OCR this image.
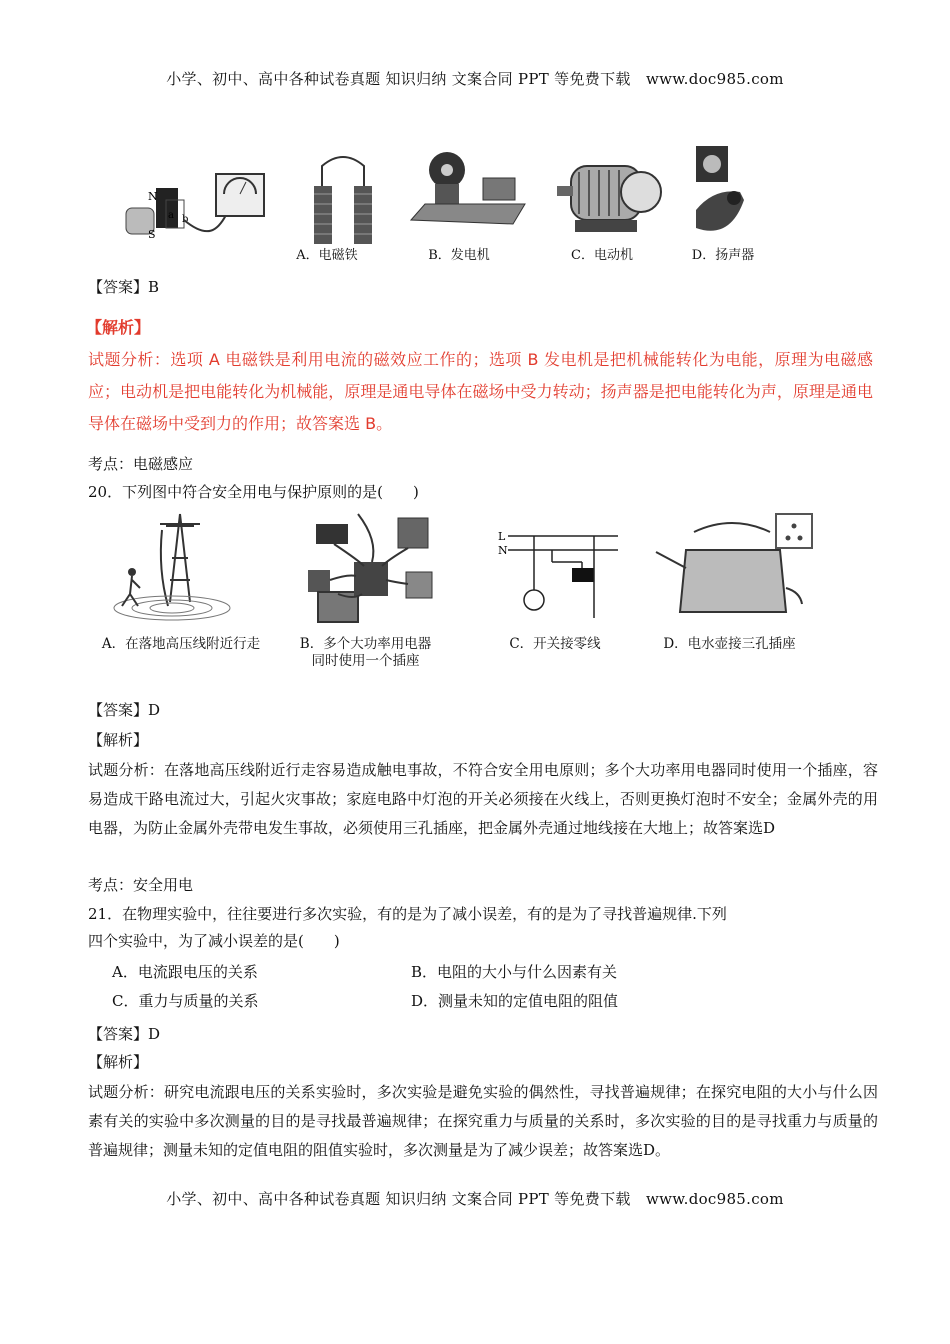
小学、初中、高中各种试卷真题 知识归纳 文案合同 PPT 等免费下载　www.doc985.com
N
S
a b
A．电磁铁	B．发电机	C．电动机	D．扬声器
【答案】B
【解析】
试题分析：选项 A 电磁铁是利用电流的磁效应工作的；选项 B 发电机是把机械能转化为电能，原理为电磁感应；电动机是把电能转化为机械能，原理是通电导体在磁场中受力转动；扬声器是把电能转化为声，原理是通电导体在磁场中受到力的作用；故答案选 B。
考点：电磁感应
20．下列图中符合安全用电与保护原则的是(　　)
L
N
A．在落地高压线附近行走	B．多个大功率用电器
同时使用一个插座
C．开关接零线	D．电水壶接三孔插座
【答案】D
【解析】
试题分析：在落地高压线附近行走容易造成触电事故，不符合安全用电原则；多个大功率用电器同时使用一个插座，容易造成干路电流过大，引起火灾事故；家庭电路中灯泡的开关必须接在火线上，否则更换灯泡时不安全；金属外壳的用电器，为防止金属外壳带电发生事故，必须使用三孔插座，把金属外壳通过地线接在大地上；故答案选D
考点：安全用电
21．在物理实验中，往往要进行多次实验，有的是为了减小误差，有的是为了寻找普遍规律.下列
四个实验中，为了减小误差的是(　　)
A．电流跟电压的关系	B．电阻的大小与什么因素有关
C．重力与质量的关系	D．测量未知的定值电阻的阻值
【答案】D
【解析】
试题分析：研究电流跟电压的关系实验时，多次实验是避免实验的偶然性，寻找普遍规律；在探究电阻的大小与什么因素有关的实验中多次测量的目的是寻找最普遍规律；在探究重力与质量的关系时，多次实验的目的是寻找重力与质量的普遍规律；测量未知的定值电阻的阻值实验时，多次测量是为了减少误差；故答案选D。
小学、初中、高中各种试卷真题 知识归纳 文案合同 PPT 等免费下载　www.doc985.com
